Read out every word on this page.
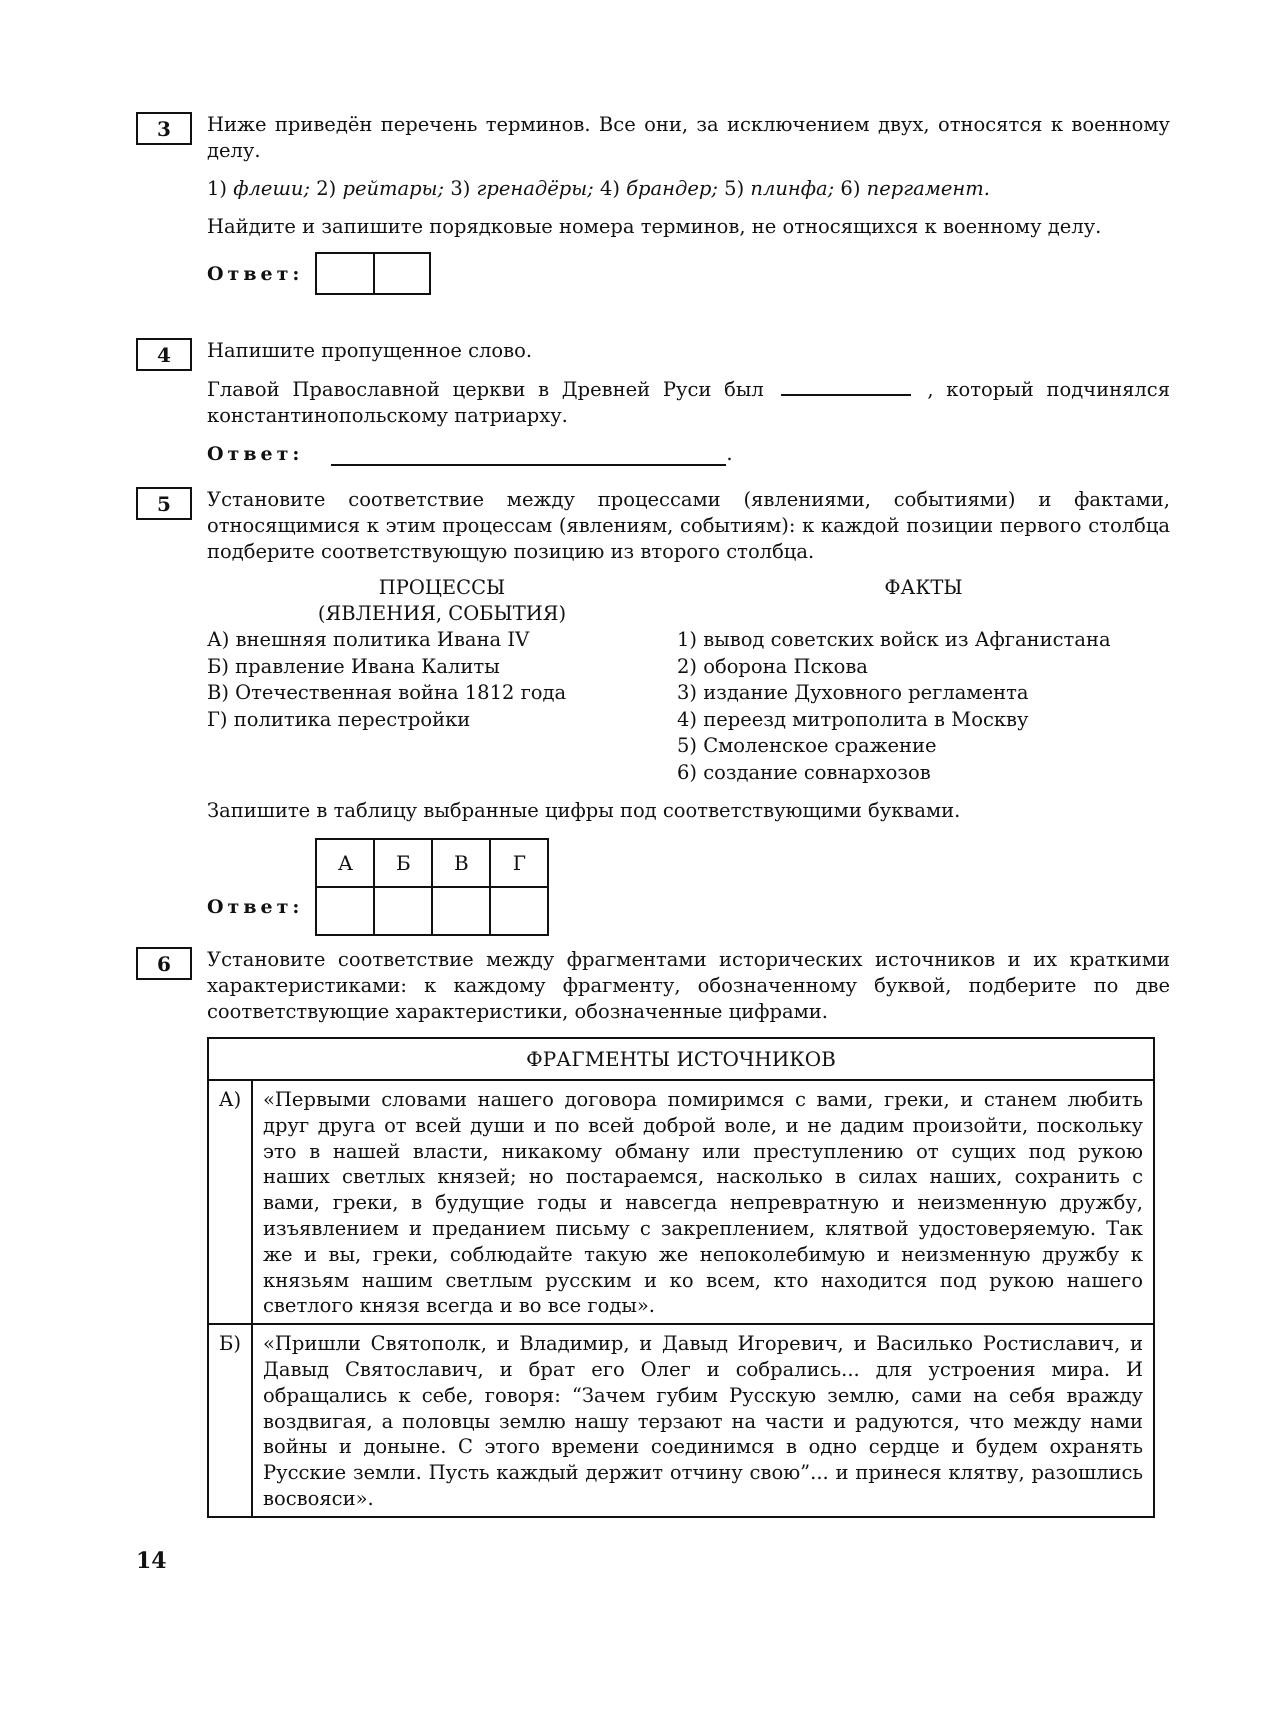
3	Ниже приведён перечень терминов. Все они, за исключением двух, относятся к военному делу.

1) флеши; 2) рейтары; 3) гренадёры; 4) брандер; 5) плинфа; 6) пергамент.

Найдите и запишите порядковые номера терминов, не относящихся к военному делу.

Ответ:
4	Напишите пропущенное слово.

Главой Православной церкви в Древней Руси был	, который подчинялся константинопольскому патриарху.

Ответ:	.
5	Установите соответствие между процессами (явлениями, событиями) и фактами, относящимися к этим процессам (явлениям, событиям): к каждой позиции первого столбца подберите соответствующую позицию из второго столбца.

ПРОЦЕССЫ
(ЯВЛЕНИЯ, СОБЫТИЯ)
А) внешняя политика Ивана IV
Б) правление Ивана Калиты
В) Отечественная война 1812 года
Г) политика перестройки
ФАКТЫ

1) вывод советских войск из Афганистана
2) оборона Пскова
3) издание Духовного регламента
4) переезд митрополита в Москву
5) Смоленское сражение
6) создание совнархозов

Запишите в таблицу выбранные цифры под соответствующими буквами.

Ответ:
А	Б	В	Г

6	Установите соответствие между фрагментами исторических источников и их краткими характеристиками: к каждому фрагменту, обозначенному буквой, подберите по две соответствующие характеристики, обозначенные цифрами.

ФРАГМЕНТЫ ИСТОЧНИКОВ	
А)	«Первыми словами нашего договора помиримся с вами, греки, и станем любить друг друга от всей души и по всей доброй воле, и не дадим произойти, поскольку это в нашей власти, никакому обману или преступлению от сущих под рукою наших светлых князей; но постараемся, насколько в силах наших, сохранить с вами, греки, в будущие годы и навсегда непревратную и неизменную дружбу, изъявлением и преданием письму с закреплением, клятвой удостоверяемую. Так же и вы, греки, соблюдайте такую же непоколебимую и неизменную дружбу к князьям нашим светлым русским и ко всем, кто находится под рукою нашего светлого князя всегда и во все годы».
Б)	«Пришли Святополк, и Владимир, и Давыд Игоревич, и Василько Ростиславич, и Давыд Святославич, и брат его Олег и собрались... для устроения мира. И обращались к себе, говоря: “Зачем губим Русскую землю, сами на себя вражду воздвигая, а половцы землю нашу терзают на части и радуются, что между нами войны и доныне. С этого времени соединимся в одно сердце и будем охранять Русские земли. Пусть каждый держит отчину свою”... и принеся клятву, разошлись восвояси».
14
